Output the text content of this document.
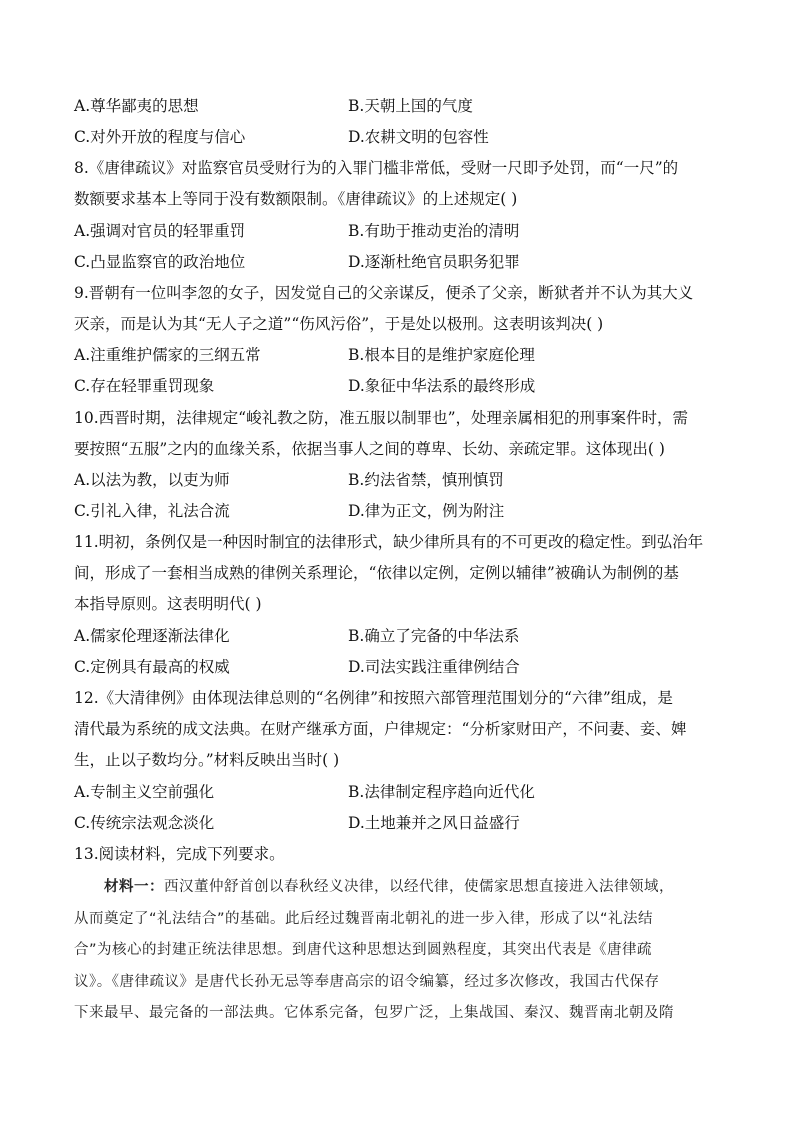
A.尊华鄙夷的思想	B.天朝上国的气度
C.对外开放的程度与信心	D.农耕文明的包容性
8.《唐律疏议》对监察官员受财行为的入罪门槛非常低，受财一尺即予处罚，而“一尺”的
数额要求基本上等同于没有数额限制。《唐律疏议》的上述规定( )
A.强调对官员的轻罪重罚	B.有助于推动吏治的清明
C.凸显监察官的政治地位	D.逐渐杜绝官员职务犯罪
9.晋朝有一位叫李忽的女子，因发觉自己的父亲谋反，便杀了父亲，断狱者并不认为其大义
灭亲，而是认为其“无人子之道”“伤风污俗”，于是处以极刑。这表明该判决( )
A.注重维护儒家的三纲五常	B.根本目的是维护家庭伦理
C.存在轻罪重罚现象	D.象征中华法系的最终形成
10.西晋时期，法律规定“峻礼教之防，准五服以制罪也”，处理亲属相犯的刑事案件时，需
要按照“五服”之内的血缘关系，依据当事人之间的尊卑、长幼、亲疏定罪。这体现出( )
A.以法为教，以吏为师	B.约法省禁，慎刑慎罚
C.引礼入律，礼法合流	D.律为正文，例为附注
11.明初，条例仅是一种因时制宜的法律形式，缺少律所具有的不可更改的稳定性。到弘治年
间，形成了一套相当成熟的律例关系理论，“依律以定例，定例以辅律”被确认为制例的基
本指导原则。这表明明代( )
A.儒家伦理逐渐法律化	B.确立了完备的中华法系
C.定例具有最高的权威	D.司法实践注重律例结合
12.《大清律例》由体现法律总则的“名例律”和按照六部管理范围划分的“六律”组成，是
清代最为系统的成文法典。在财产继承方面，户律规定：“分析家财田产，不问妻、妾、婢
生，止以子数均分。”材料反映出当时( )
A.专制主义空前强化	B.法律制定程序趋向近代化
C.传统宗法观念淡化	D.土地兼并之风日益盛行
13.阅读材料，完成下列要求。
材料一：西汉董仲舒首创以春秋经义决律，以经代律，使儒家思想直接进入法律领域，
从而奠定了“礼法结合”的基础。此后经过魏晋南北朝礼的进一步入律，形成了以“礼法结
合”为核心的封建正统法律思想。到唐代这种思想达到圆熟程度，其突出代表是《唐律疏
议》。《唐律疏议》是唐代长孙无忌等奉唐高宗的诏令编纂，经过多次修改，我国古代保存
下来最早、最完备的一部法典。它体系完备，包罗广泛，上集战国、秦汉、魏晋南北朝及隋
